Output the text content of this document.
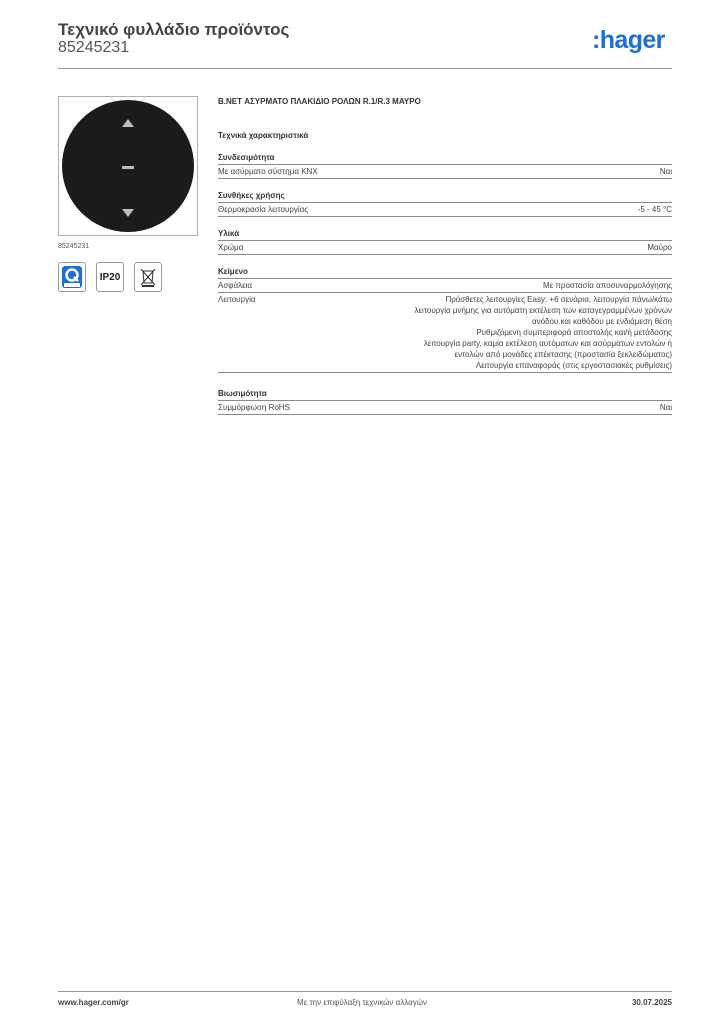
Τεχνικό φυλλάδιο προϊόντος
85245231	:hager
85245231
IP20
B.NET ΑΣΥΡΜΑΤΟ ΠΛΑΚΙΔΙΟ ΡΟΛΩΝ R.1/R.3 ΜΑΥΡΟ
Τεχνικά χαρακτηριστικά
Συνδεσιμότητα
Με ασύρματο σύστημα KNX	Ναι
Συνθήκες χρήσης
Θερμοκρασία λειτουργίας	-5 - 45 °C
Υλικά
Χρώμα	Μαύρο
Κείμενο
Ασφάλεια	Με προστασία αποσυναρμολόγησης
Λειτουργία	Πρόσθετες λειτουργίες Easy: +6 σενάρια, λειτουργία πάνω/κάτω
λειτουργία μνήμης για αυτόματη εκτέλεση των καταγεγραμμένων χρόνων
ανόδου και καθόδου με ενδιάμεση θέση
Ρυθμιζόμενη συμπεριφορά αποστολής και/ή μετάδοσης
λειτουργία party, καμία εκτέλεση αυτόματων και ασύρματων εντολών ή
εντολών από μονάδες επέκτασης (προστασία ξεκλειδώματος)
Λειτουργία επαναφοράς (στις εργοστασιακές ρυθμίσεις)
Βιωσιμότητα
Συμμόρφωση RoHS	Ναι
www.hager.com/gr	Με την επιφύλαξη τεχνικών αλλαγών	30.07.2025
